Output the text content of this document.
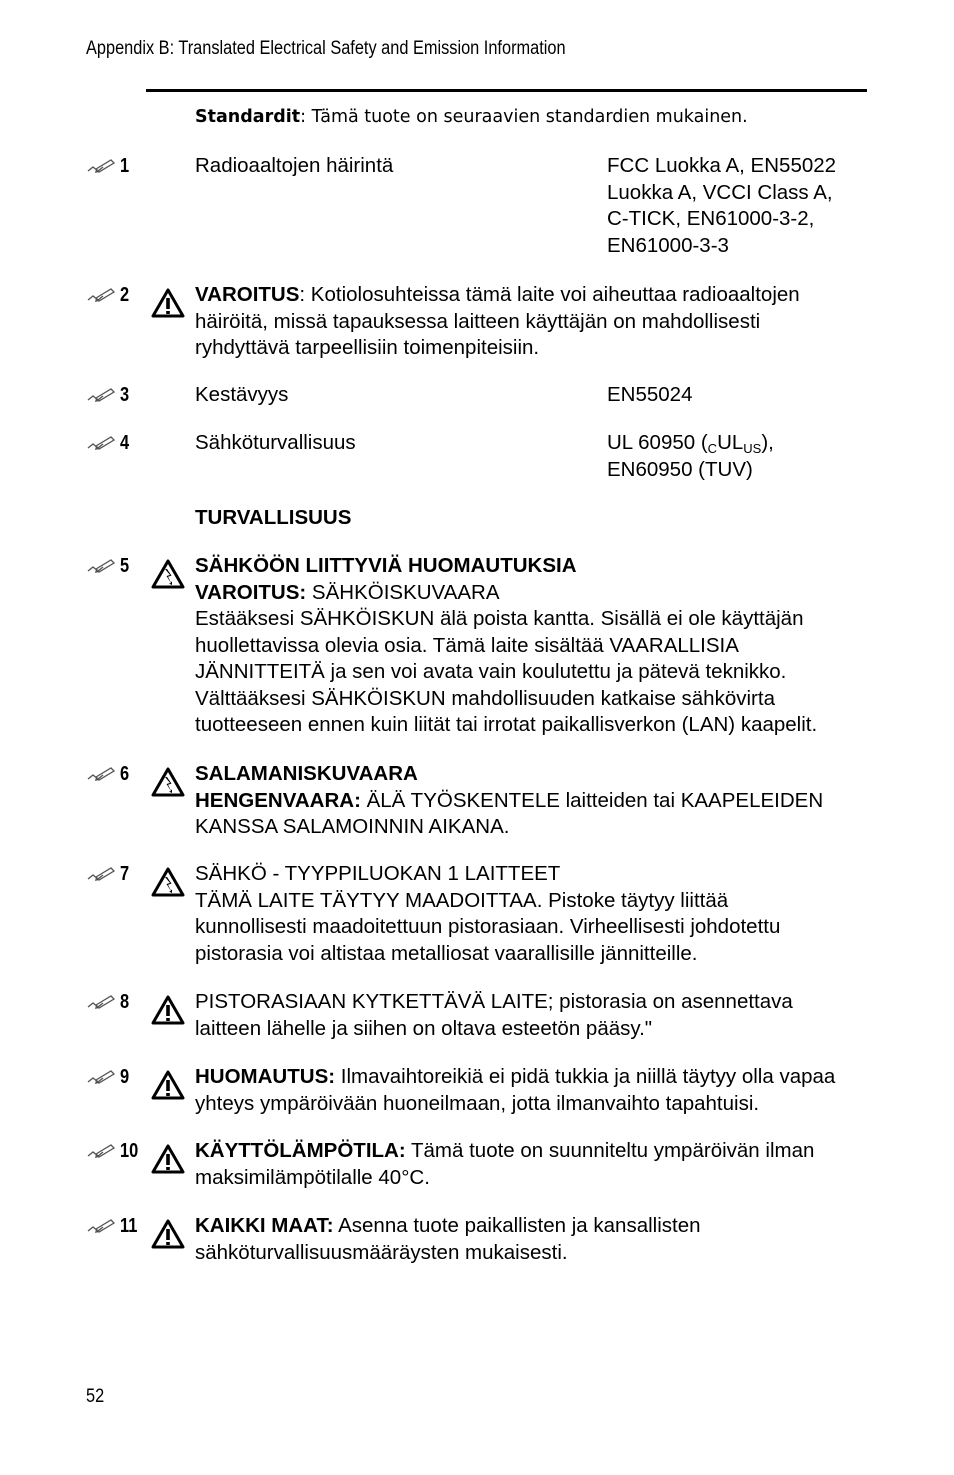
Appendix B: Translated Electrical Safety and Emission Information
Standardit: Tämä tuote on seuraavien standardien mukainen.
1	Radioaaltojen häirintä	FCC Luokka A, EN55022
Luokka A, VCCI Class A,
C-TICK, EN61000-3-2,
EN61000-3-3
2	VAROITUS: Kotiolosuhteissa tämä laite voi aiheuttaa radioaaltojen
häiröitä, missä tapauksessa laitteen käyttäjän on mahdollisesti
ryhdyttävä tarpeellisiin toimenpiteisiin.
3	Kestävyys	EN55024
4	Sähköturvallisuus	UL 60950 $(_CUL_{US})$,
EN60950 (TUV)
TURVALLISUUS
5	SÄHKÖÖN LIITTYVIÄ HUOMAUTUKSIA
VAROITUS: SÄHKÖISKUVAARA
Estääksesi SÄHKÖISKUN älä poista kantta. Sisällä ei ole käyttäjän
huollettavissa olevia osia. Tämä laite sisältää VAARALLISIA
JÄNNITTEITÄ ja sen voi avata vain koulutettu ja pätevä teknikko.
Välttääksesi SÄHKÖISKUN mahdollisuuden katkaise sähkövirta
tuotteeseen ennen kuin liität tai irrotat paikallisverkon (LAN) kaapelit.
6	SALAMANISKUVAARA
HENGENVAARA: ÄLÄ TYÖSKENTELE laitteiden tai KAAPELEIDEN
KANSSA SALAMOINNIN AIKANA.
7	SÄHKÖ - TYYPPILUOKAN 1 LAITTEET
TÄMÄ LAITE TÄYTYY MAADOITTAA. Pistoke täytyy liittää
kunnollisesti maadoitettuun pistorasiaan. Virheellisesti johdotettu
pistorasia voi altistaa metalliosat vaarallisille jännitteille.
8	PISTORASIAAN KYTKETTÄVÄ LAITE; pistorasia on asennettava
laitteen lähelle ja siihen on oltava esteetön pääsy."
9	HUOMAUTUS: Ilmavaihtoreikiä ei pidä tukkia ja niillä täytyy olla vapaa
yhteys ympäröivään huoneilmaan, jotta ilmanvaihto tapahtuisi.
10	KÄYTTÖLÄMPÖTILA: Tämä tuote on suunniteltu ympäröivän ilman
maksimilämpötilalle 40°C.
11	KAIKKI MAAT: Asenna tuote paikallisten ja kansallisten
sähköturvallisuusmääräysten mukaisesti.
52
